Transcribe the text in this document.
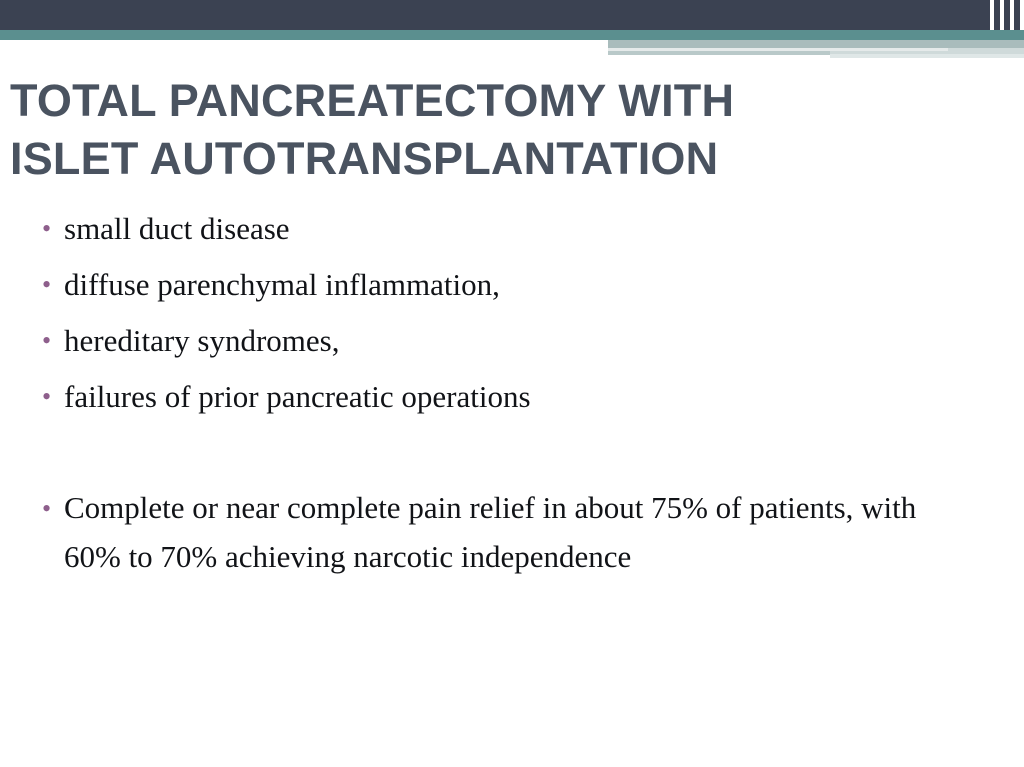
TOTAL PANCREATECTOMY WITH
ISLET AUTOTRANSPLANTATION
• small duct disease
• diffuse parenchymal inflammation,
• hereditary syndromes,
• failures of prior pancreatic operations
• Complete or near complete pain relief in about 75% of patients, with 60% to 70% achieving narcotic independence
